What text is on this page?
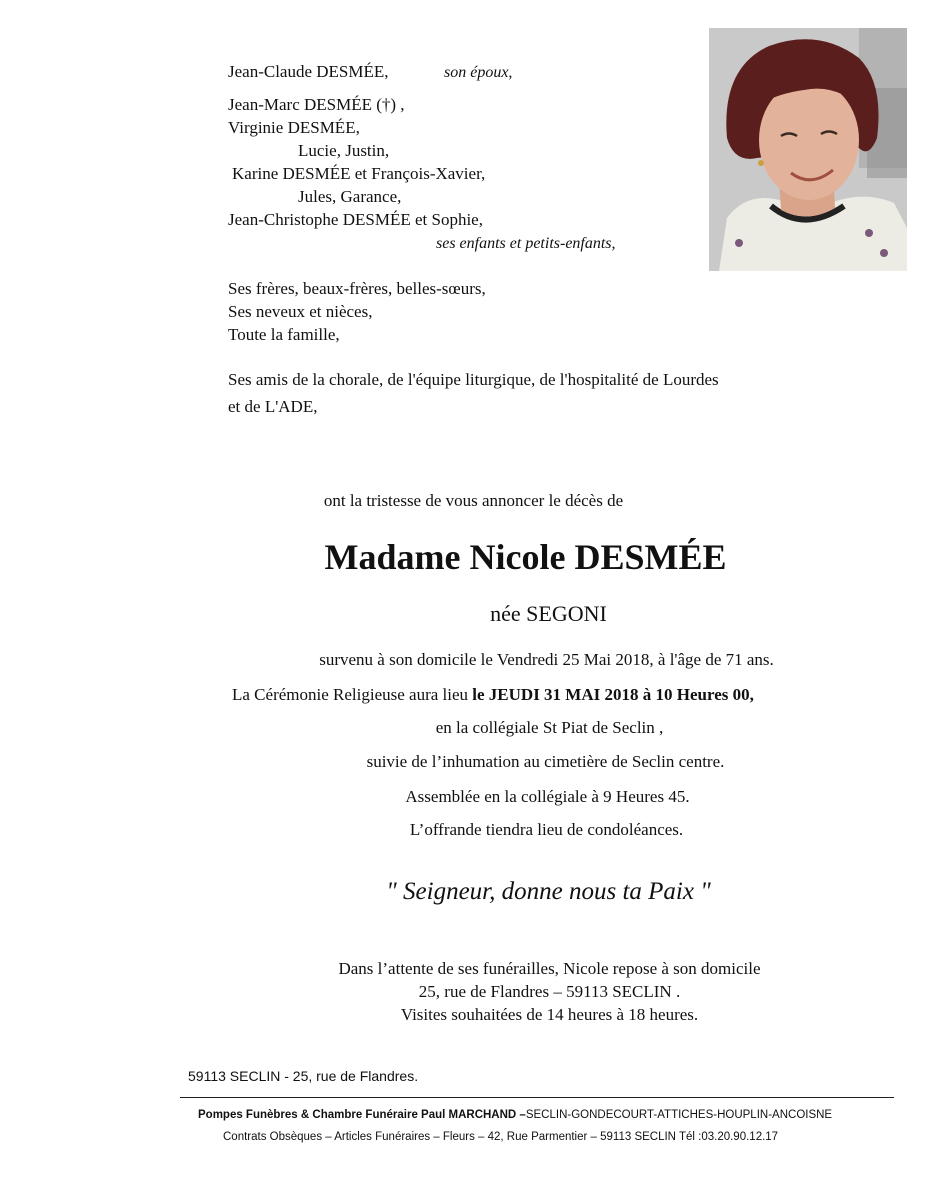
Jean-Claude DESMÉE,	son époux,
Jean-Marc DESMÉE (†) ,
Virginie DESMÉE,
Lucie, Justin,
Karine DESMÉE et François-Xavier,
Jules, Garance,
Jean-Christophe DESMÉE et Sophie,
ses enfants et petits-enfants,
Ses frères, beaux-frères, belles-sœurs,
Ses neveux et nièces,
Toute la famille,
Ses amis de la chorale, de l'équipe liturgique, de l'hospitalité de Lourdes
et de L'ADE,
ont la tristesse de vous annoncer le décès de
Madame Nicole DESMÉE
née SEGONI
survenu à son domicile le Vendredi 25 Mai 2018, à l'âge de 71 ans.
La Cérémonie Religieuse aura lieu le JEUDI 31 MAI 2018 à 10 Heures 00,
en la collégiale St Piat de Seclin ,
suivie de l’inhumation au cimetière de Seclin centre.
Assemblée en la collégiale à 9 Heures 45.
L’offrande tiendra lieu de condoléances.
" Seigneur, donne nous ta Paix "
Dans l’attente de ses funérailles, Nicole repose à son domicile
25, rue de Flandres – 59113 SECLIN .
Visites souhaitées de 14 heures à 18 heures.
59113 SECLIN - 25, rue de Flandres.
Pompes Funèbres & Chambre Funéraire Paul MARCHAND –SECLIN-GONDECOURT-ATTICHES-HOUPLIN-ANCOISNE
Contrats Obsèques – Articles Funéraires – Fleurs – 42, Rue Parmentier – 59113 SECLIN Tél :03.20.90.12.17
